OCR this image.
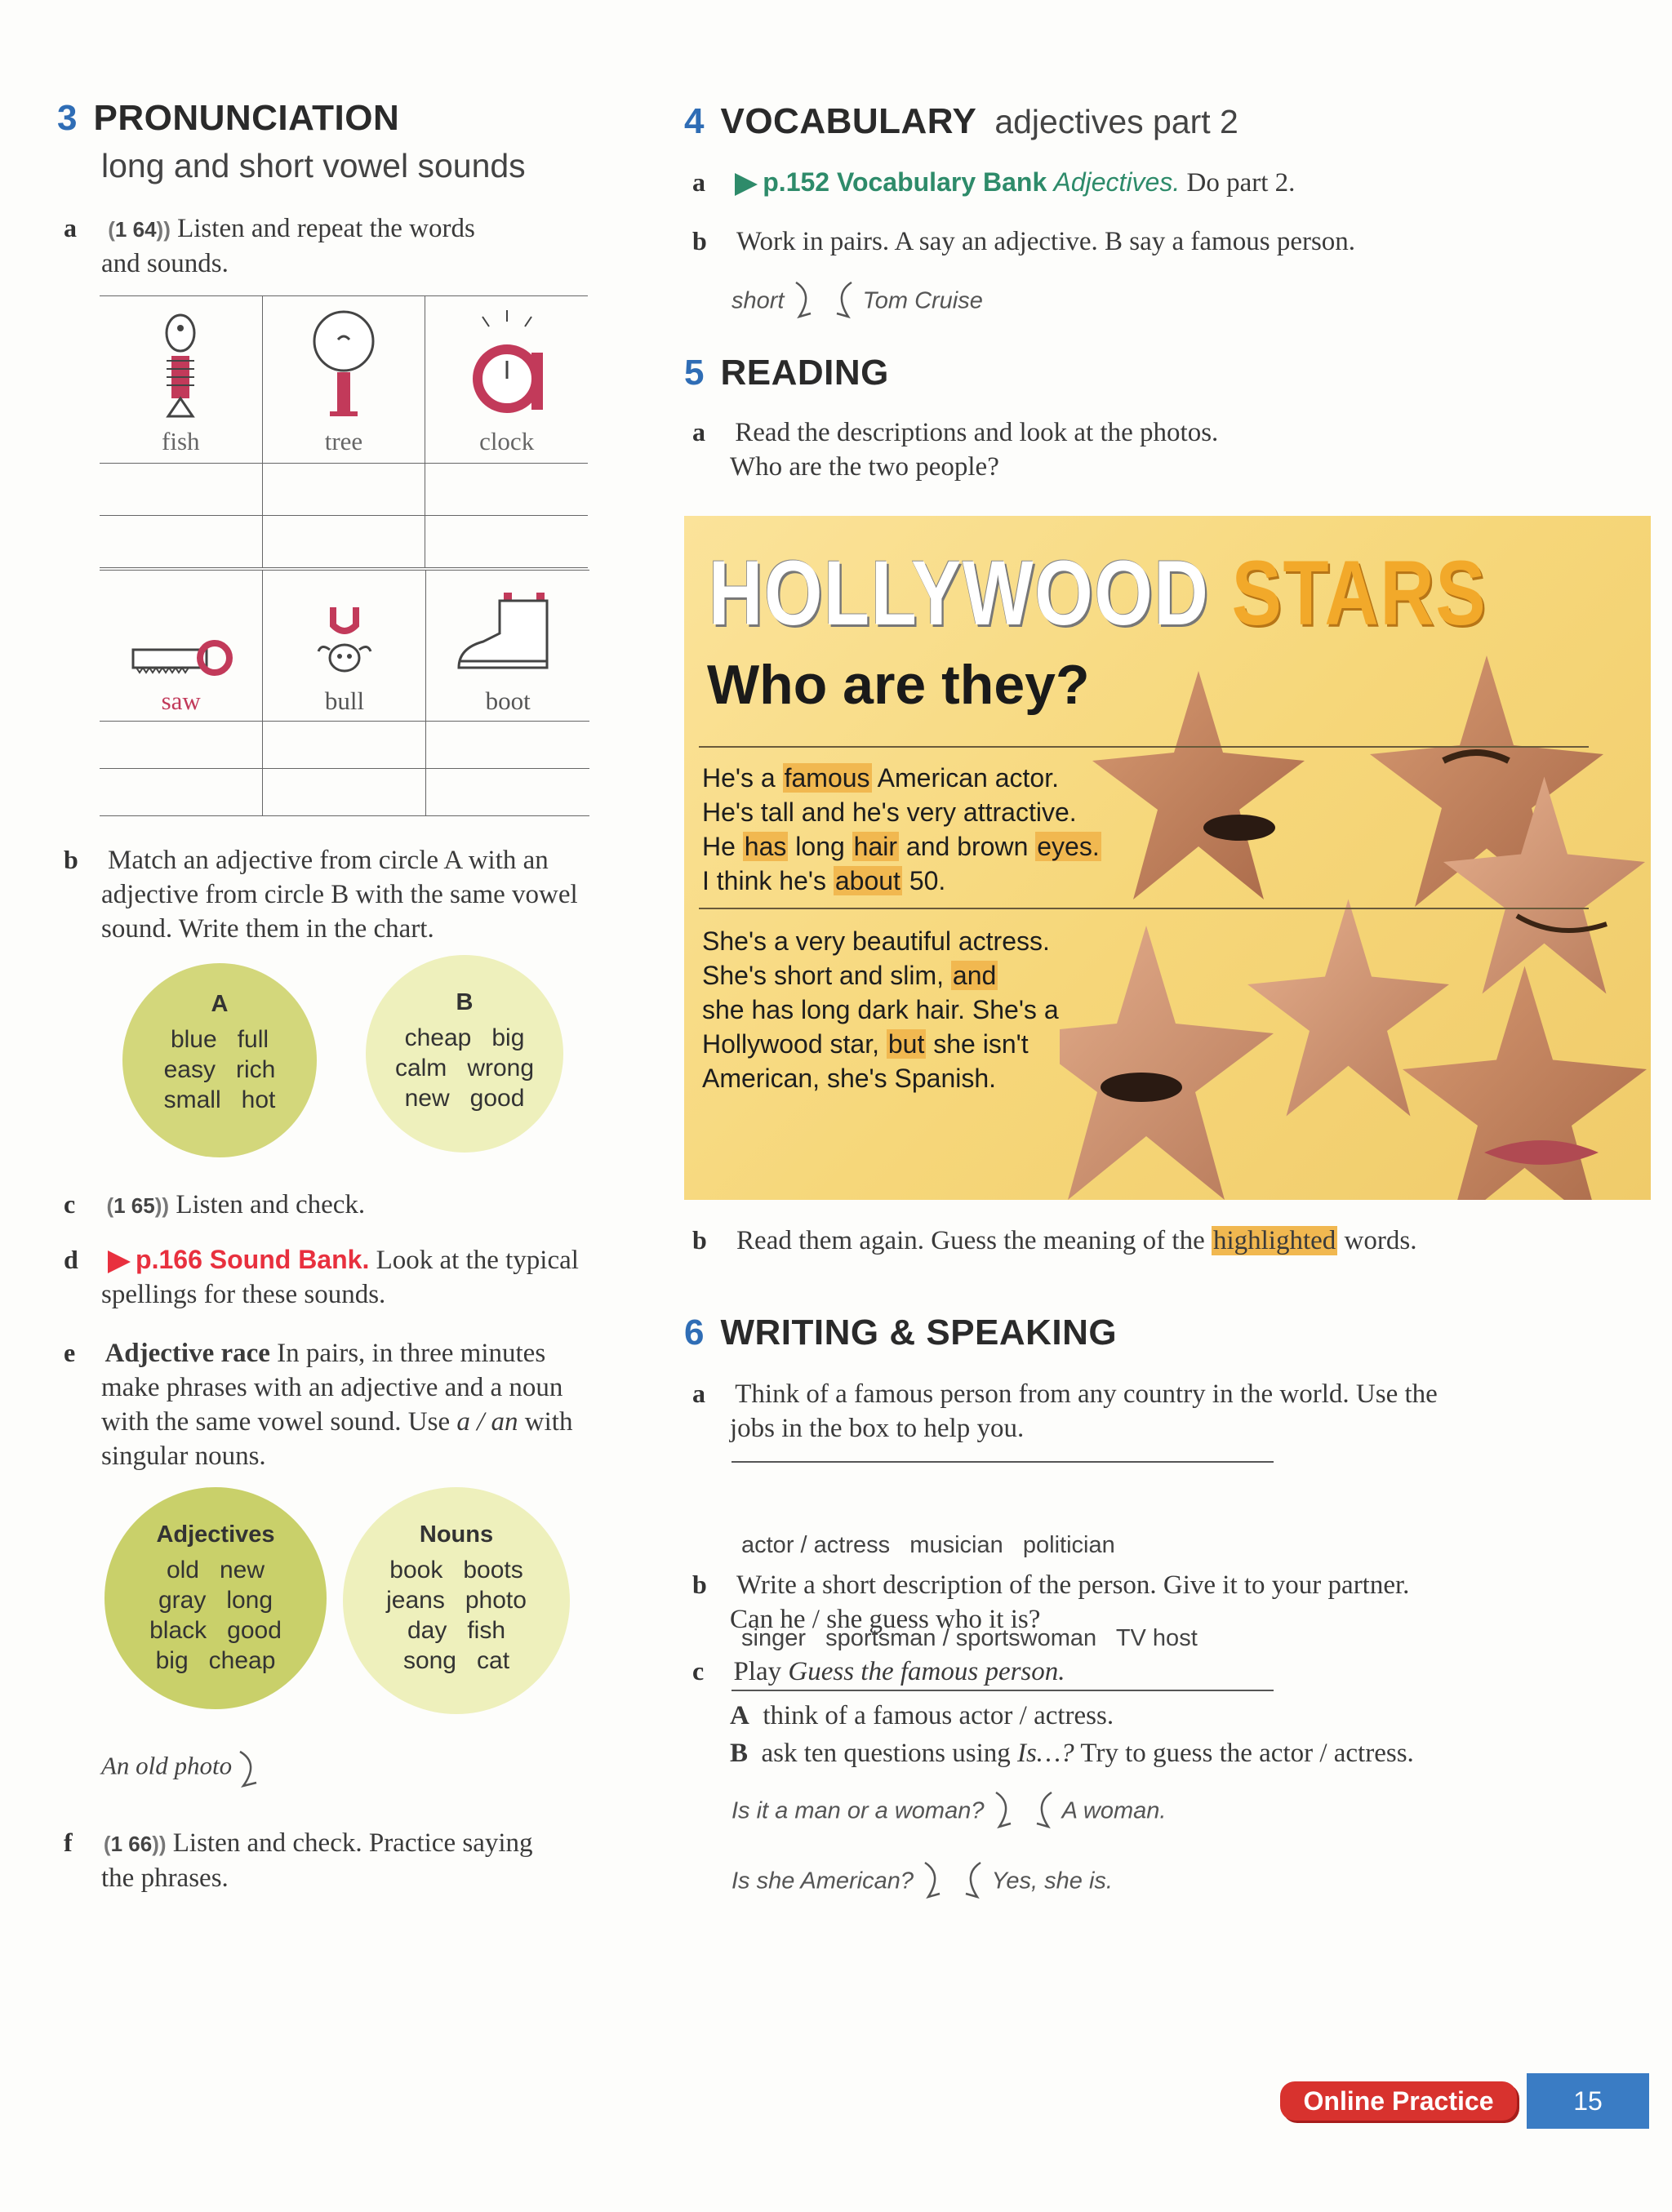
3 PRONUNCIATION
long and short vowel sounds
a (1 64)) Listen and repeat the words
and sounds.
fish	tree	clock

saw	bull	boot

b Match an adjective from circle A with an
adjective from circle B with the same vowel
sound. Write them in the chart.
A
blue full
easy rich
small hot
B
cheap big
calm wrong
new good
c (1 65)) Listen and check.
d p.166 Sound Bank. Look at the typical
spellings for these sounds.
e Adjective race In pairs, in three minutes
make phrases with an adjective and a noun
with the same vowel sound. Use a / an with
singular nouns.
Adjectives
old new
gray long
black good
big cheap
Nouns
book boots
jeans photo
day fish
song cat
An old photo
f (1 66)) Listen and check. Practice saying
the phrases.
4 VOCABULARY adjectives part 2
a p.152 Vocabulary Bank Adjectives. Do part 2.
b Work in pairs. A say an adjective. B say a famous person.
short	Tom Cruise
5 READING
a Read the descriptions and look at the photos.
Who are the two people?
HOLLYWOOD STARS
Who are they?
He's a famous American actor.
He's tall and he's very attractive.
He has long hair and brown eyes.
I think he's about 50.
She's a very beautiful actress.
She's short and slim, and
she has long dark hair. She's a
Hollywood star, but she isn't
American, she's Spanish.
b Read them again. Guess the meaning of the highlighted words.
6 WRITING & SPEAKING
a Think of a famous person from any country in the world. Use the
jobs in the box to help you.

actor / actress   musician   politician

singer   sportsman / sportswoman   TV host

b Write a short description of the person. Give it to your partner.
Can he / she guess who it is?
c Play Guess the famous person.

A think of a famous actor / actress.
B ask ten questions using Is…? Try to guess the actor / actress.
Is it a man or a woman?	A woman.
Is she American?	Yes, she is.
Online Practice	15
